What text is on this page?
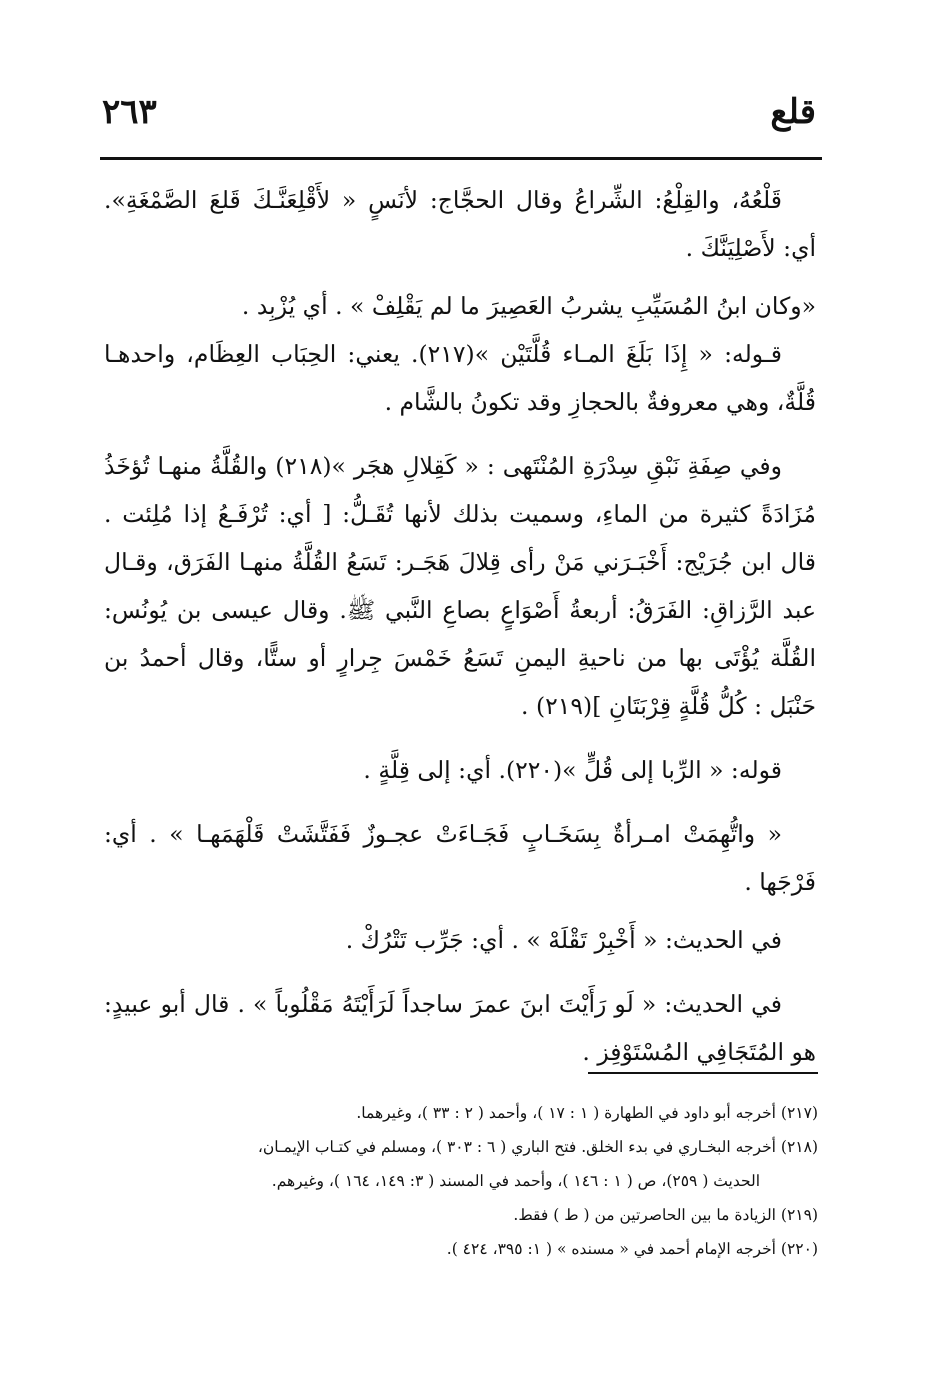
قلع
٢٦٣

قَلْعُهُ، والقِلْعُ: الشِّراعُ وقال الحجَّاج: لأنَسٍ « لأَقْلِعَنَّـكَ قَلعَ الصَّمْغَةِ». أي: لأَصْلِيَنَّكَ .

«وكان ابنُ المُسَيِّبِ يشربُ العَصِيرَ ما لم يَقْلِفْ » . أي يُزْبِد .

قـوله: « إِذَا بَلَغَ المـاء قُلَّتَيْن »(٢١٧). يعني: الحِبَاب العِظَام، واحدهـا قُلَّةٌ، وهي معروفةٌ بالحجازِ وقد تكونُ بالشَّام .

وفي صِفَةِ نَبْقِ سِدْرَةِ المُنْتَهى : « كَقِلالِ هجَر »(٢١٨) والقُلَّةُ منهـا تُؤخَذُ مُزَادَةً كثيرة من الماءِ، وسميت بذلك لأنها تُقَـلُّ: [ أي: تُرْفَـعُ إذا مُلِئت . قال ابن جُرَيْج: أَخْبَـرَني مَنْ رأى قِلالَ هَجَـر: تَسَعُ القُلَّةُ منهـا الفَرَق، وقـال عبد الرَّزاقِ: الفَرَقُ: أربعةُ أَصْوَاعٍ بصاعِ النَّبي ﷺ. وقال عيسى بن يُونُس: القُلَّة يُؤْتَى بها من ناحيةِ اليمنِ تَسَعُ خَمْسَ جِرارٍ أو ستًّا، وقال أحمدُ بن حَنْبَل : كُلُّ قُلَّةٍ قِرْبَتَانِ ](٢١٩) .

قوله: « الرِّبا إلى قُلٍّ »(٢٢٠). أي: إلى قِلَّةٍ .

« واتُّهِمَتْ امـرأةٌ بِسَخَـابٍ فَجَـاءَتْ عجـوزٌ فَفَتَّشَتْ قَلْهَمَهـا » . أي: فَرْجَها .

في الحديث: « أَخْبِرْ تَقْلَهْ » . أي: جَرِّب تَتْرُكْ .

في الحديث: « لَو رَأَيْتَ ابنَ عمرَ ساجداً لَرَأَيْتَهُ مَقْلُوباً » . قال أبو عبيدٍ: هو المُتَجَافِي المُسْتَوْفِز .

(٢١٧) أخرجه أبو داود في الطهارة ( ١ : ١٧ )، وأحمد ( ٢ : ٣٣ )، وغيرهما.

(٢١٨) أخرجه البخـاري في بدء الخلق. فتح الباري ( ٦ : ٣٠٣ )، ومسلم في كتـاب الإيمـان،

الحديث ( ٢٥٩)، ص ( ١ : ١٤٦ )، وأحمد في المسند ( ٣: ١٤٩، ١٦٤ )، وغيرهم.

(٢١٩) الزيادة ما بين الحاصرتين من ( ط ) فقط.

(٢٢٠) أخرجه الإمام أحمد في « مسنده » ( ١: ٣٩٥، ٤٢٤ ).
